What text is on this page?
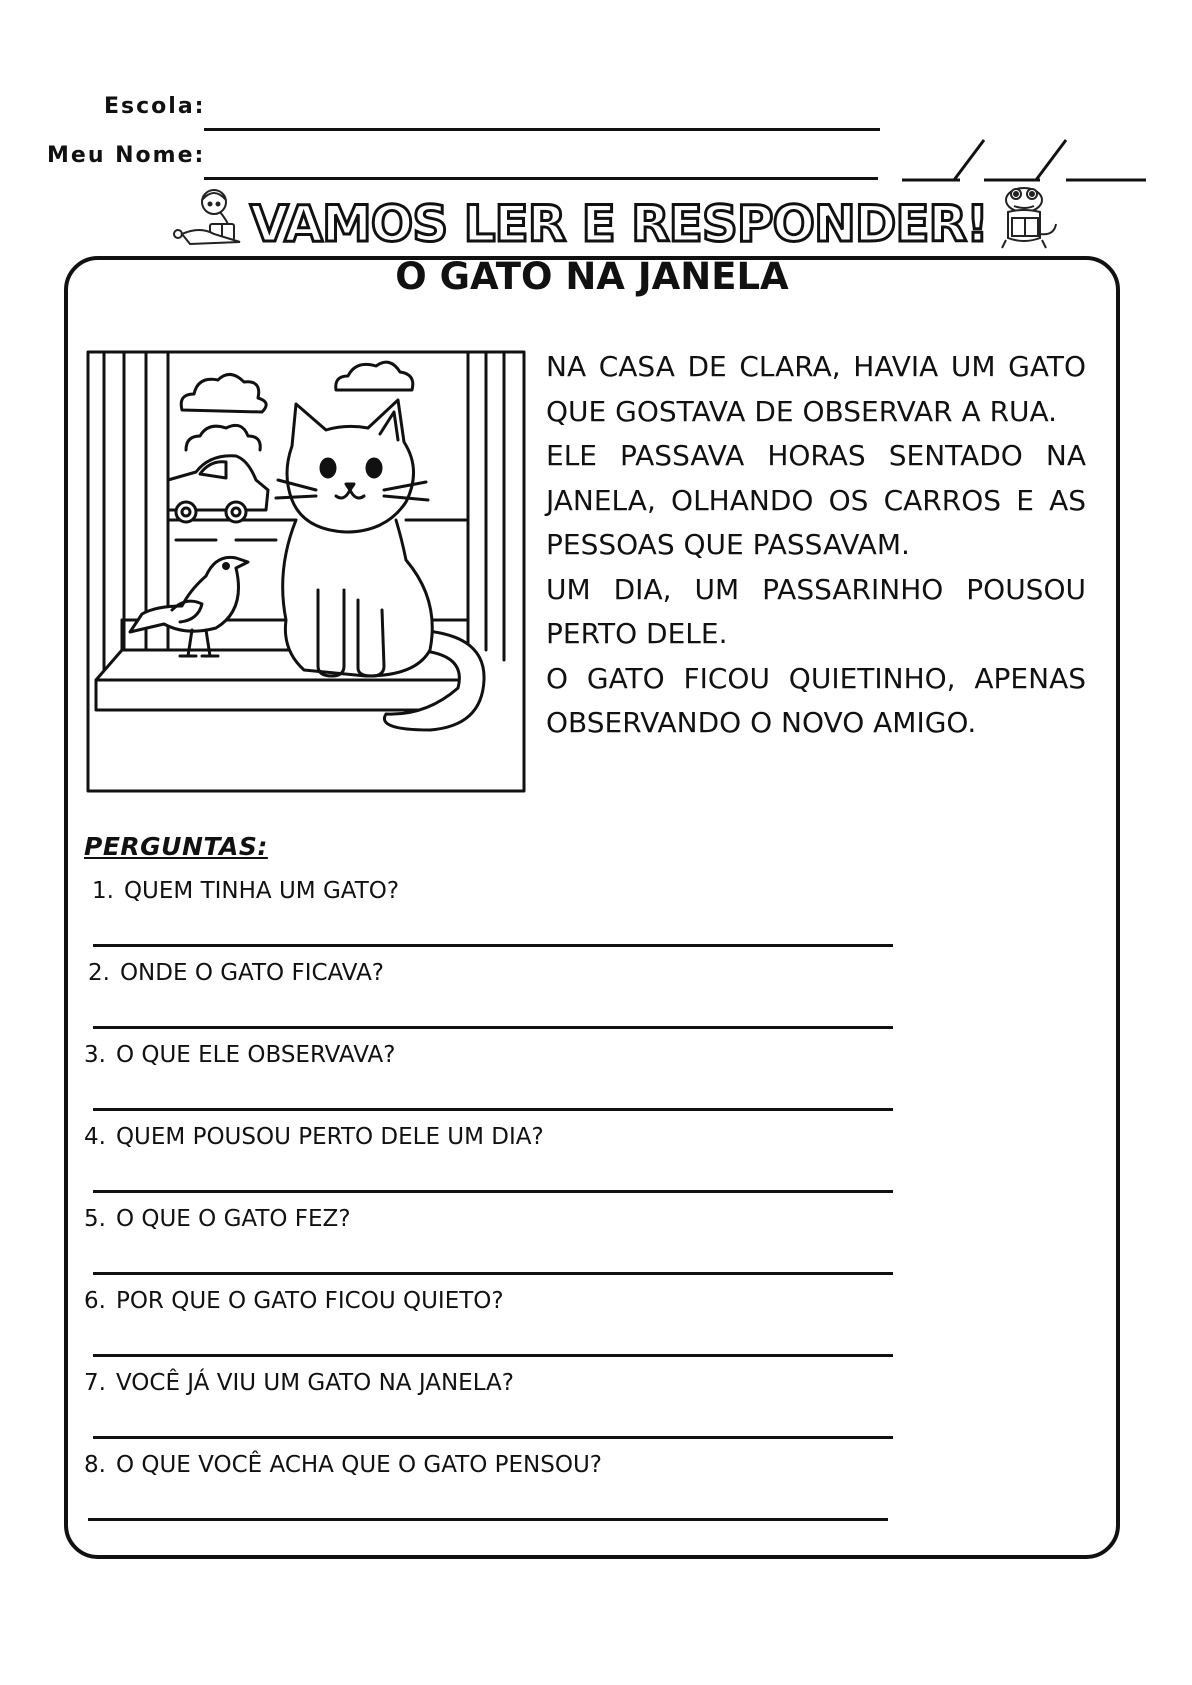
Escola:
Meu Nome:
VAMOS LER E RESPONDER!
O GATO NA JANELA

NA CASA DE CLARA, HAVIA UM GATO QUE GOSTAVA DE OBSERVAR A RUA.

ELE PASSAVA HORAS SENTADO NA JANELA, OLHANDO OS CARROS E AS PESSOAS QUE PASSAVAM.

UM DIA, UM PASSARINHO POUSOU PERTO DELE.

O GATO FICOU QUIETINHO, APENAS OBSERVANDO O NOVO AMIGO.

PERGUNTAS:
1. QUEM TINHA UM GATO?
2. ONDE O GATO FICAVA?
3. O QUE ELE OBSERVAVA?
4. QUEM POUSOU PERTO DELE UM DIA?
5. O QUE O GATO FEZ?
6. POR QUE O GATO FICOU QUIETO?
7. VOCÊ JÁ VIU UM GATO NA JANELA?
8. O QUE VOCÊ ACHA QUE O GATO PENSOU?
